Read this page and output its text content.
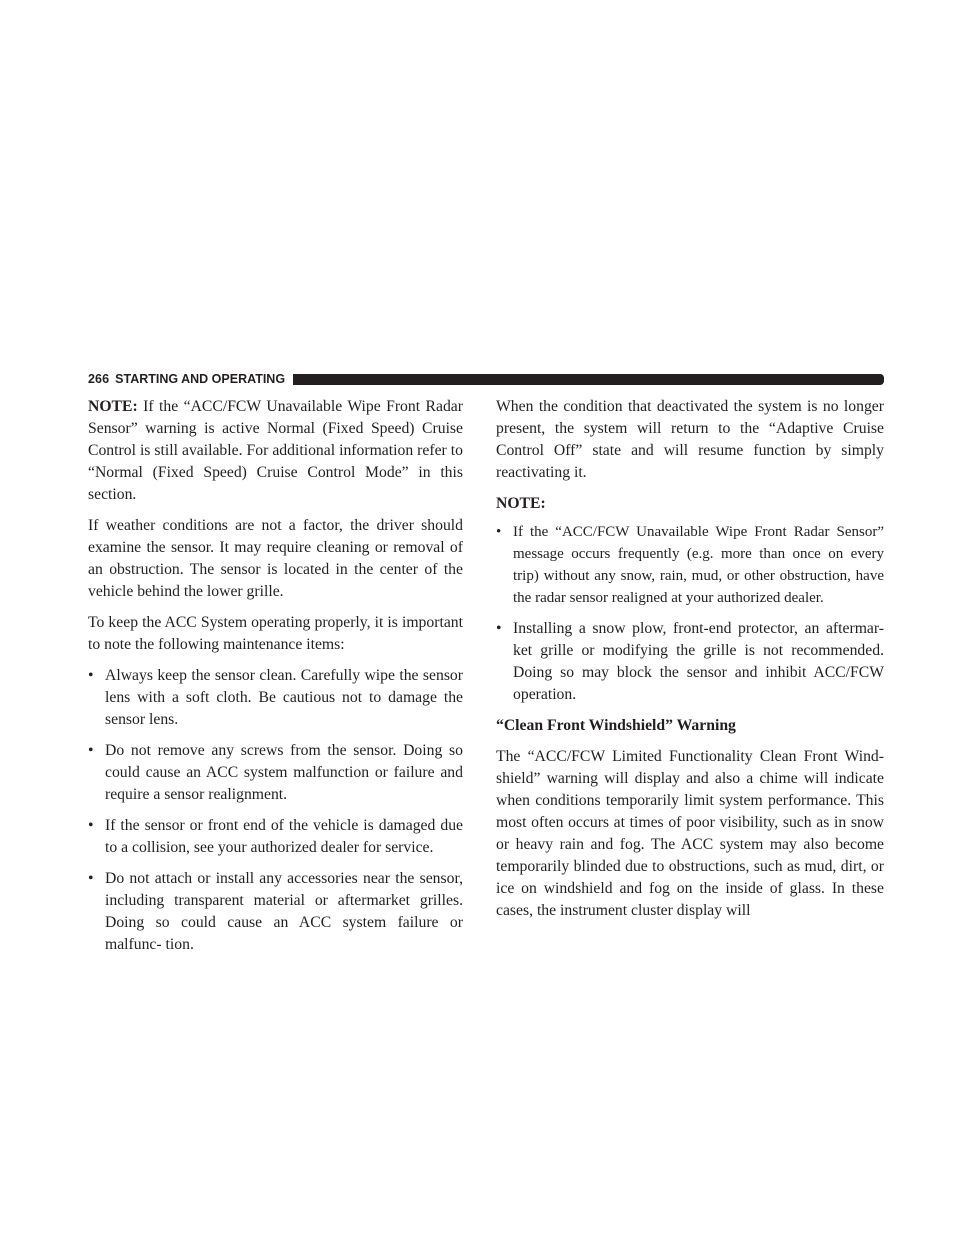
266 STARTING AND OPERATING

NOTE: If the “ACC/FCW Unavailable Wipe Front Radar Sensor” warning is active Normal (Fixed Speed) Cruise Control is still available. For additional information refer to “Normal (Fixed Speed) Cruise Control Mode” in this section.

If weather conditions are not a factor, the driver should examine the sensor. It may require cleaning or removal of an obstruction. The sensor is located in the center of the vehicle behind the lower grille.

To keep the ACC System operating properly, it is important to note the following maintenance items:

• Always keep the sensor clean. Carefully wipe the sensor lens with a soft cloth. Be cautious not to damage the sensor lens.
• Do not remove any screws from the sensor. Doing so could cause an ACC system malfunction or failure and require a sensor realignment.
• If the sensor or front end of the vehicle is damaged due to a collision, see your authorized dealer for service.
• Do not attach or install any accessories near the sensor, including transparent material or aftermarket grilles. Doing so could cause an ACC system failure or malfunc- tion.

When the condition that deactivated the system is no longer present, the system will return to the “Adaptive Cruise Control Off” state and will resume function by simply reactivating it.

NOTE:
• If the “ACC/FCW Unavailable Wipe Front Radar Sensor” message occurs frequently (e.g. more than once on every trip) without any snow, rain, mud, or other obstruction, have the radar sensor realigned at your authorized dealer.
• Installing a snow plow, front-end protector, an aftermar- ket grille or modifying the grille is not recommended. Doing so may block the sensor and inhibit ACC/FCW operation.
“Clean Front Windshield” Warning

The “ACC/FCW Limited Functionality Clean Front Wind- shield” warning will display and also a chime will indicate when conditions temporarily limit system performance. This most often occurs at times of poor visibility, such as in snow or heavy rain and fog. The ACC system may also become temporarily blinded due to obstructions, such as mud, dirt, or ice on windshield and fog on the inside of glass. In these cases, the instrument cluster display will
